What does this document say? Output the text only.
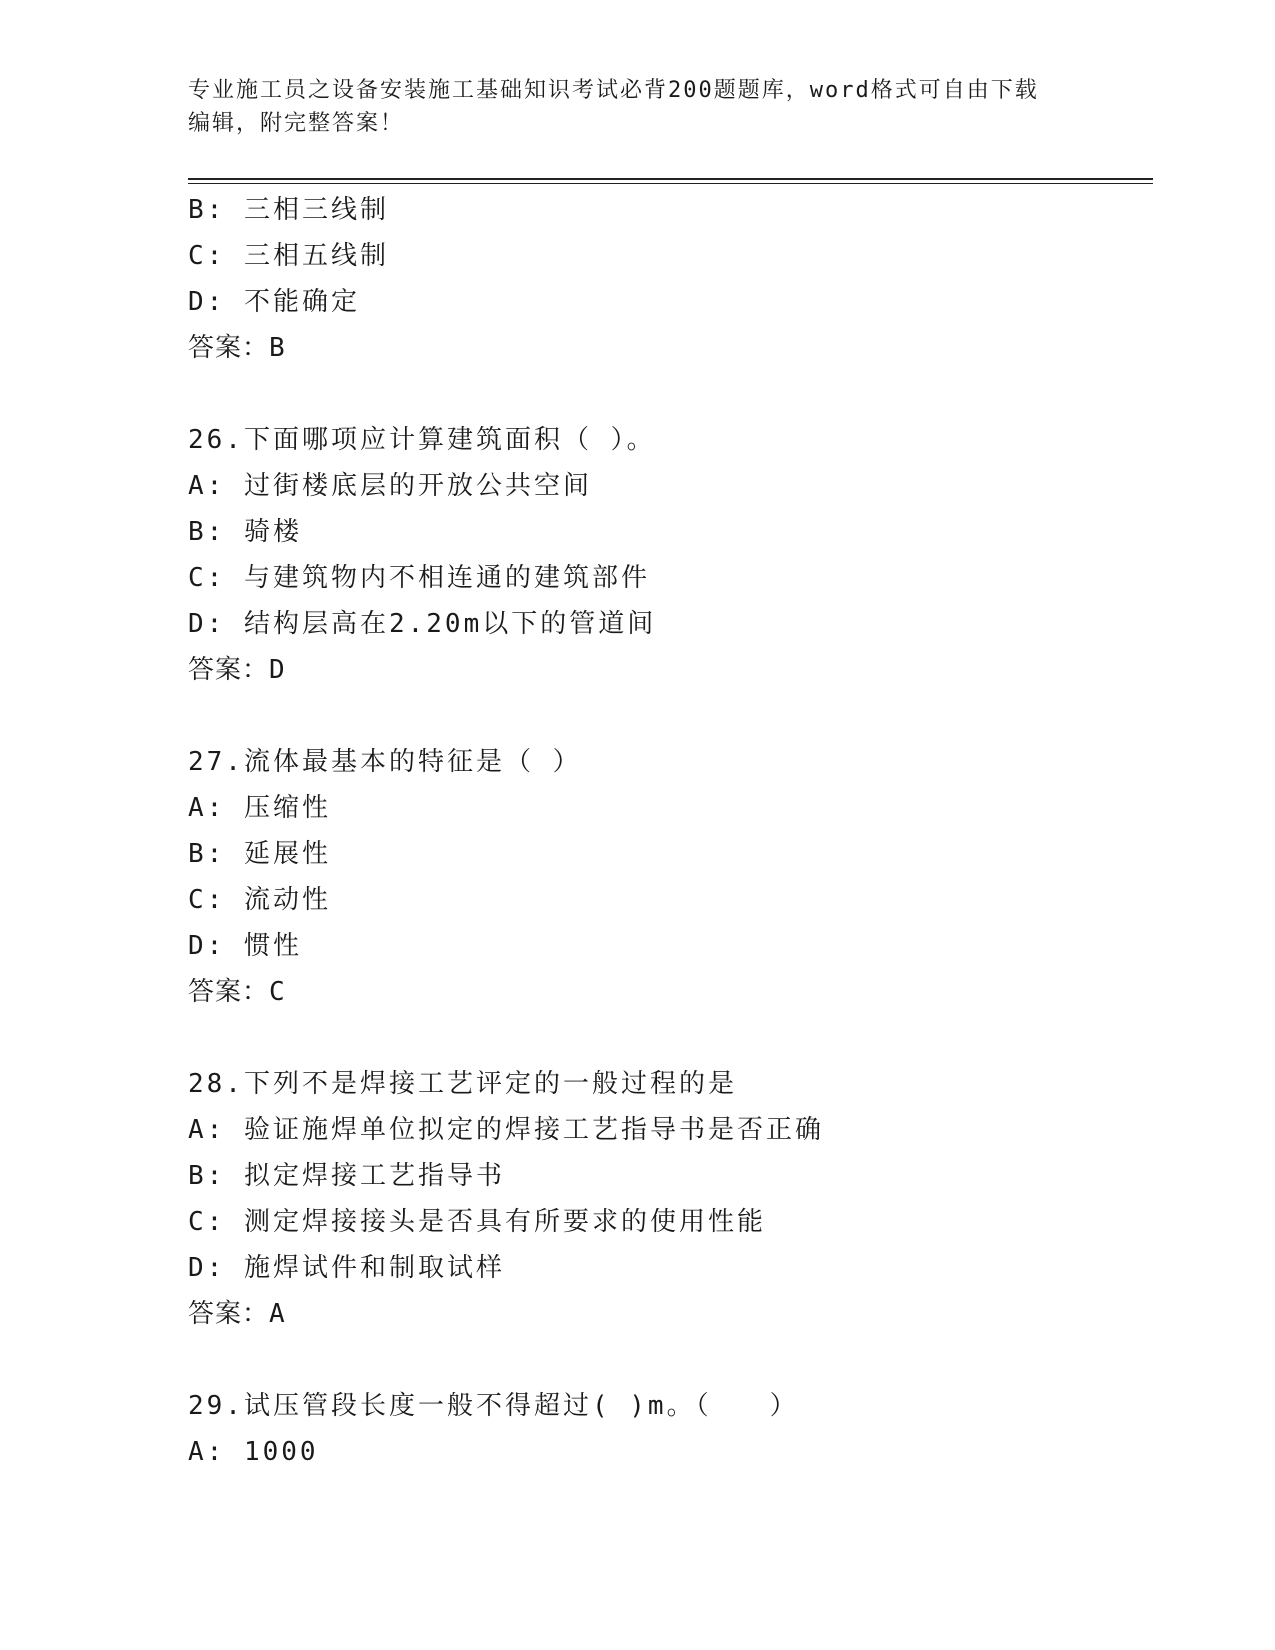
专业施工员之设备安装施工基础知识考试必背200题题库，word格式可自由下载
编辑，附完整答案！
B: 三相三线制
C: 三相五线制
D: 不能确定
答案：B
26.下面哪项应计算建筑面积（ ）。
A: 过街楼底层的开放公共空间
B: 骑楼
C: 与建筑物内不相连通的建筑部件
D: 结构层高在2.20m以下的管道间
答案：D
27.流体最基本的特征是（ ）
A: 压缩性
B: 延展性
C: 流动性
D: 惯性
答案：C
28.下列不是焊接工艺评定的一般过程的是
A: 验证施焊单位拟定的焊接工艺指导书是否正确
B: 拟定焊接工艺指导书
C: 测定焊接接头是否具有所要求的使用性能
D: 施焊试件和制取试样
答案：A
29.试压管段长度一般不得超过( )m。（　　）
A: 1000
